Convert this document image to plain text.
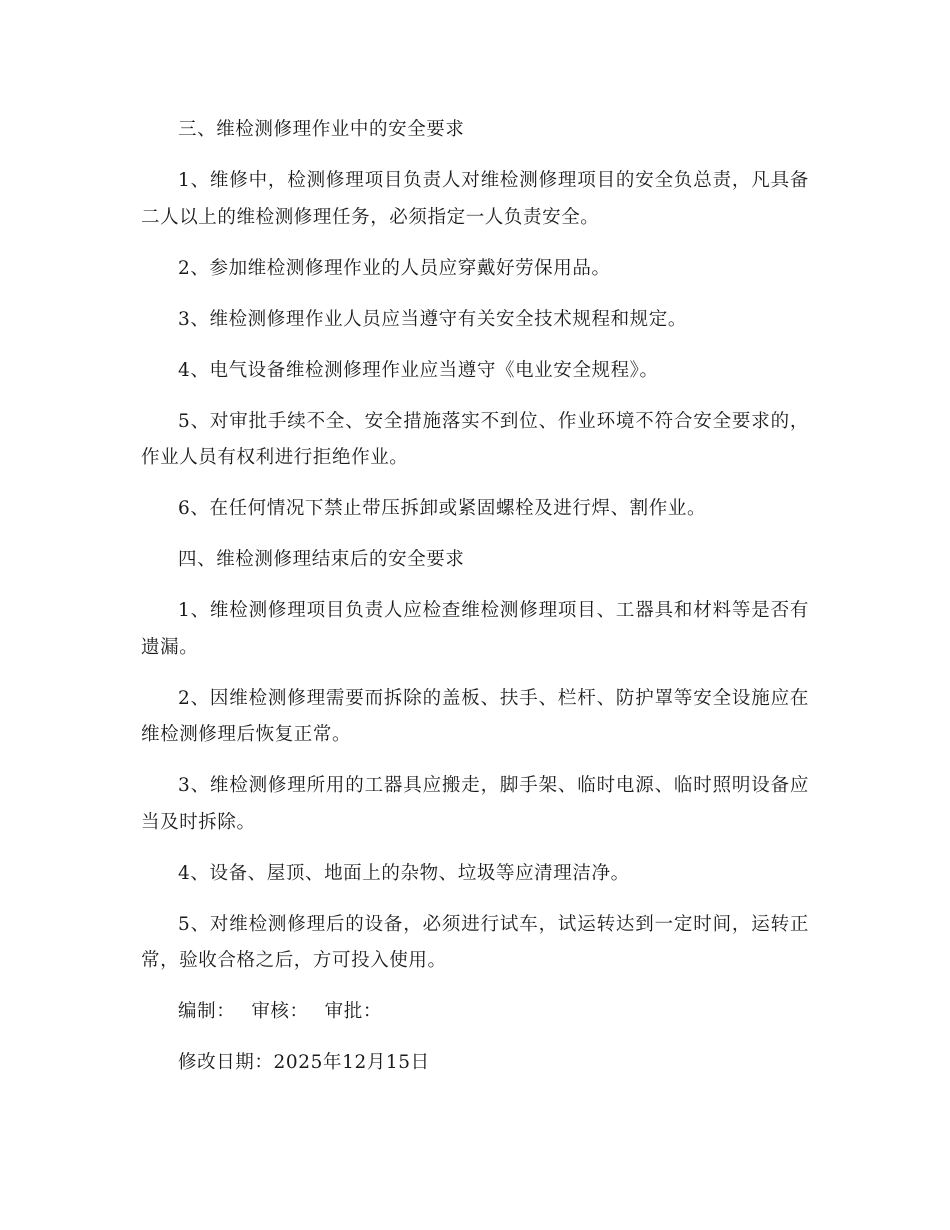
三、维检测修理作业中的安全要求

1、维修中，检测修理项目负责人对维检测修理项目的安全负总责，凡具备二人以上的维检测修理任务，必须指定一人负责安全。

2、参加维检测修理作业的人员应穿戴好劳保用品。

3、维检测修理作业人员应当遵守有关安全技术规程和规定。

4、电气设备维检测修理作业应当遵守《电业安全规程》。

5、对审批手续不全、安全措施落实不到位、作业环境不符合安全要求的，作业人员有权利进行拒绝作业。

6、在任何情况下禁止带压拆卸或紧固螺栓及进行焊、割作业。

四、维检测修理结束后的安全要求

1、维检测修理项目负责人应检查维检测修理项目、工器具和材料等是否有遗漏。

2、因维检测修理需要而拆除的盖板、扶手、栏杆、防护罩等安全设施应在维检测修理后恢复正常。

3、维检测修理所用的工器具应搬走，脚手架、临时电源、临时照明设备应当及时拆除。

4、设备、屋顶、地面上的杂物、垃圾等应清理洁净。

5、对维检测修理后的设备，必须进行试车，试运转达到一定时间，运转正常，验收合格之后，方可投入使用。

编制： 审核： 审批：

修改日期：2025年12月15日
